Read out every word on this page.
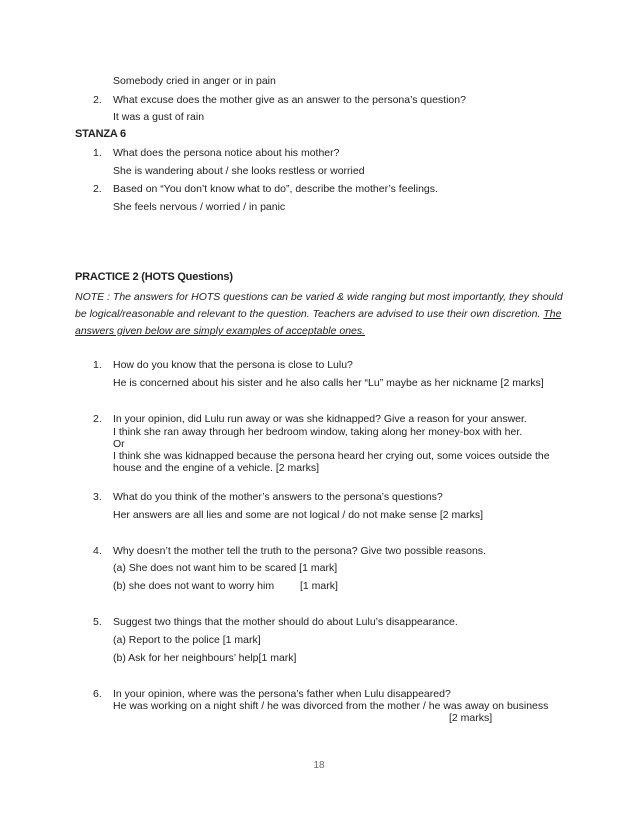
Somebody cried in anger or in pain
2. What excuse does the mother give as an answer to the persona’s question?
It was a gust of rain
STANZA 6
1. What does the persona notice about his mother?
She is wandering about / she looks restless or worried
2. Based on “You don’t know what to do”, describe the mother’s feelings.
She feels nervous / worried / in panic
PRACTICE 2 (HOTS Questions)
NOTE : The answers for HOTS questions can be varied & wide ranging but most importantly, they should be logical/reasonable and relevant to the question. Teachers are advised to use their own discretion. The answers given below are simply examples of acceptable ones.
1. How do you know that the persona is close to Lulu?
He is concerned about his sister and he also calls her “Lu” maybe as her nickname [2 marks]
2. In your opinion, did Lulu run away or was she kidnapped? Give a reason for your answer.
I think she ran away through her bedroom window, taking along her money-box with her.
Or
I think she was kidnapped because the persona heard her crying out, some voices outside the
house and the engine of a vehicle. [2 marks]
3. What do you think of the mother’s answers to the persona’s questions?
Her answers are all lies and some are not logical / do not make sense [2 marks]
4. Why doesn’t the mother tell the truth to the persona? Give two possible reasons.
(a) She does not want him to be scared [1 mark]
(b) she does not want to worry him [1 mark]
5. Suggest two things that the mother should do about Lulu’s disappearance.
(a) Report to the police [1 mark]
(b) Ask for her neighbours’ help[1 mark]
6. In your opinion, where was the persona’s father when Lulu disappeared?
He was working on a night shift / he was divorced from the mother / he was away on business
[2 marks]
18
